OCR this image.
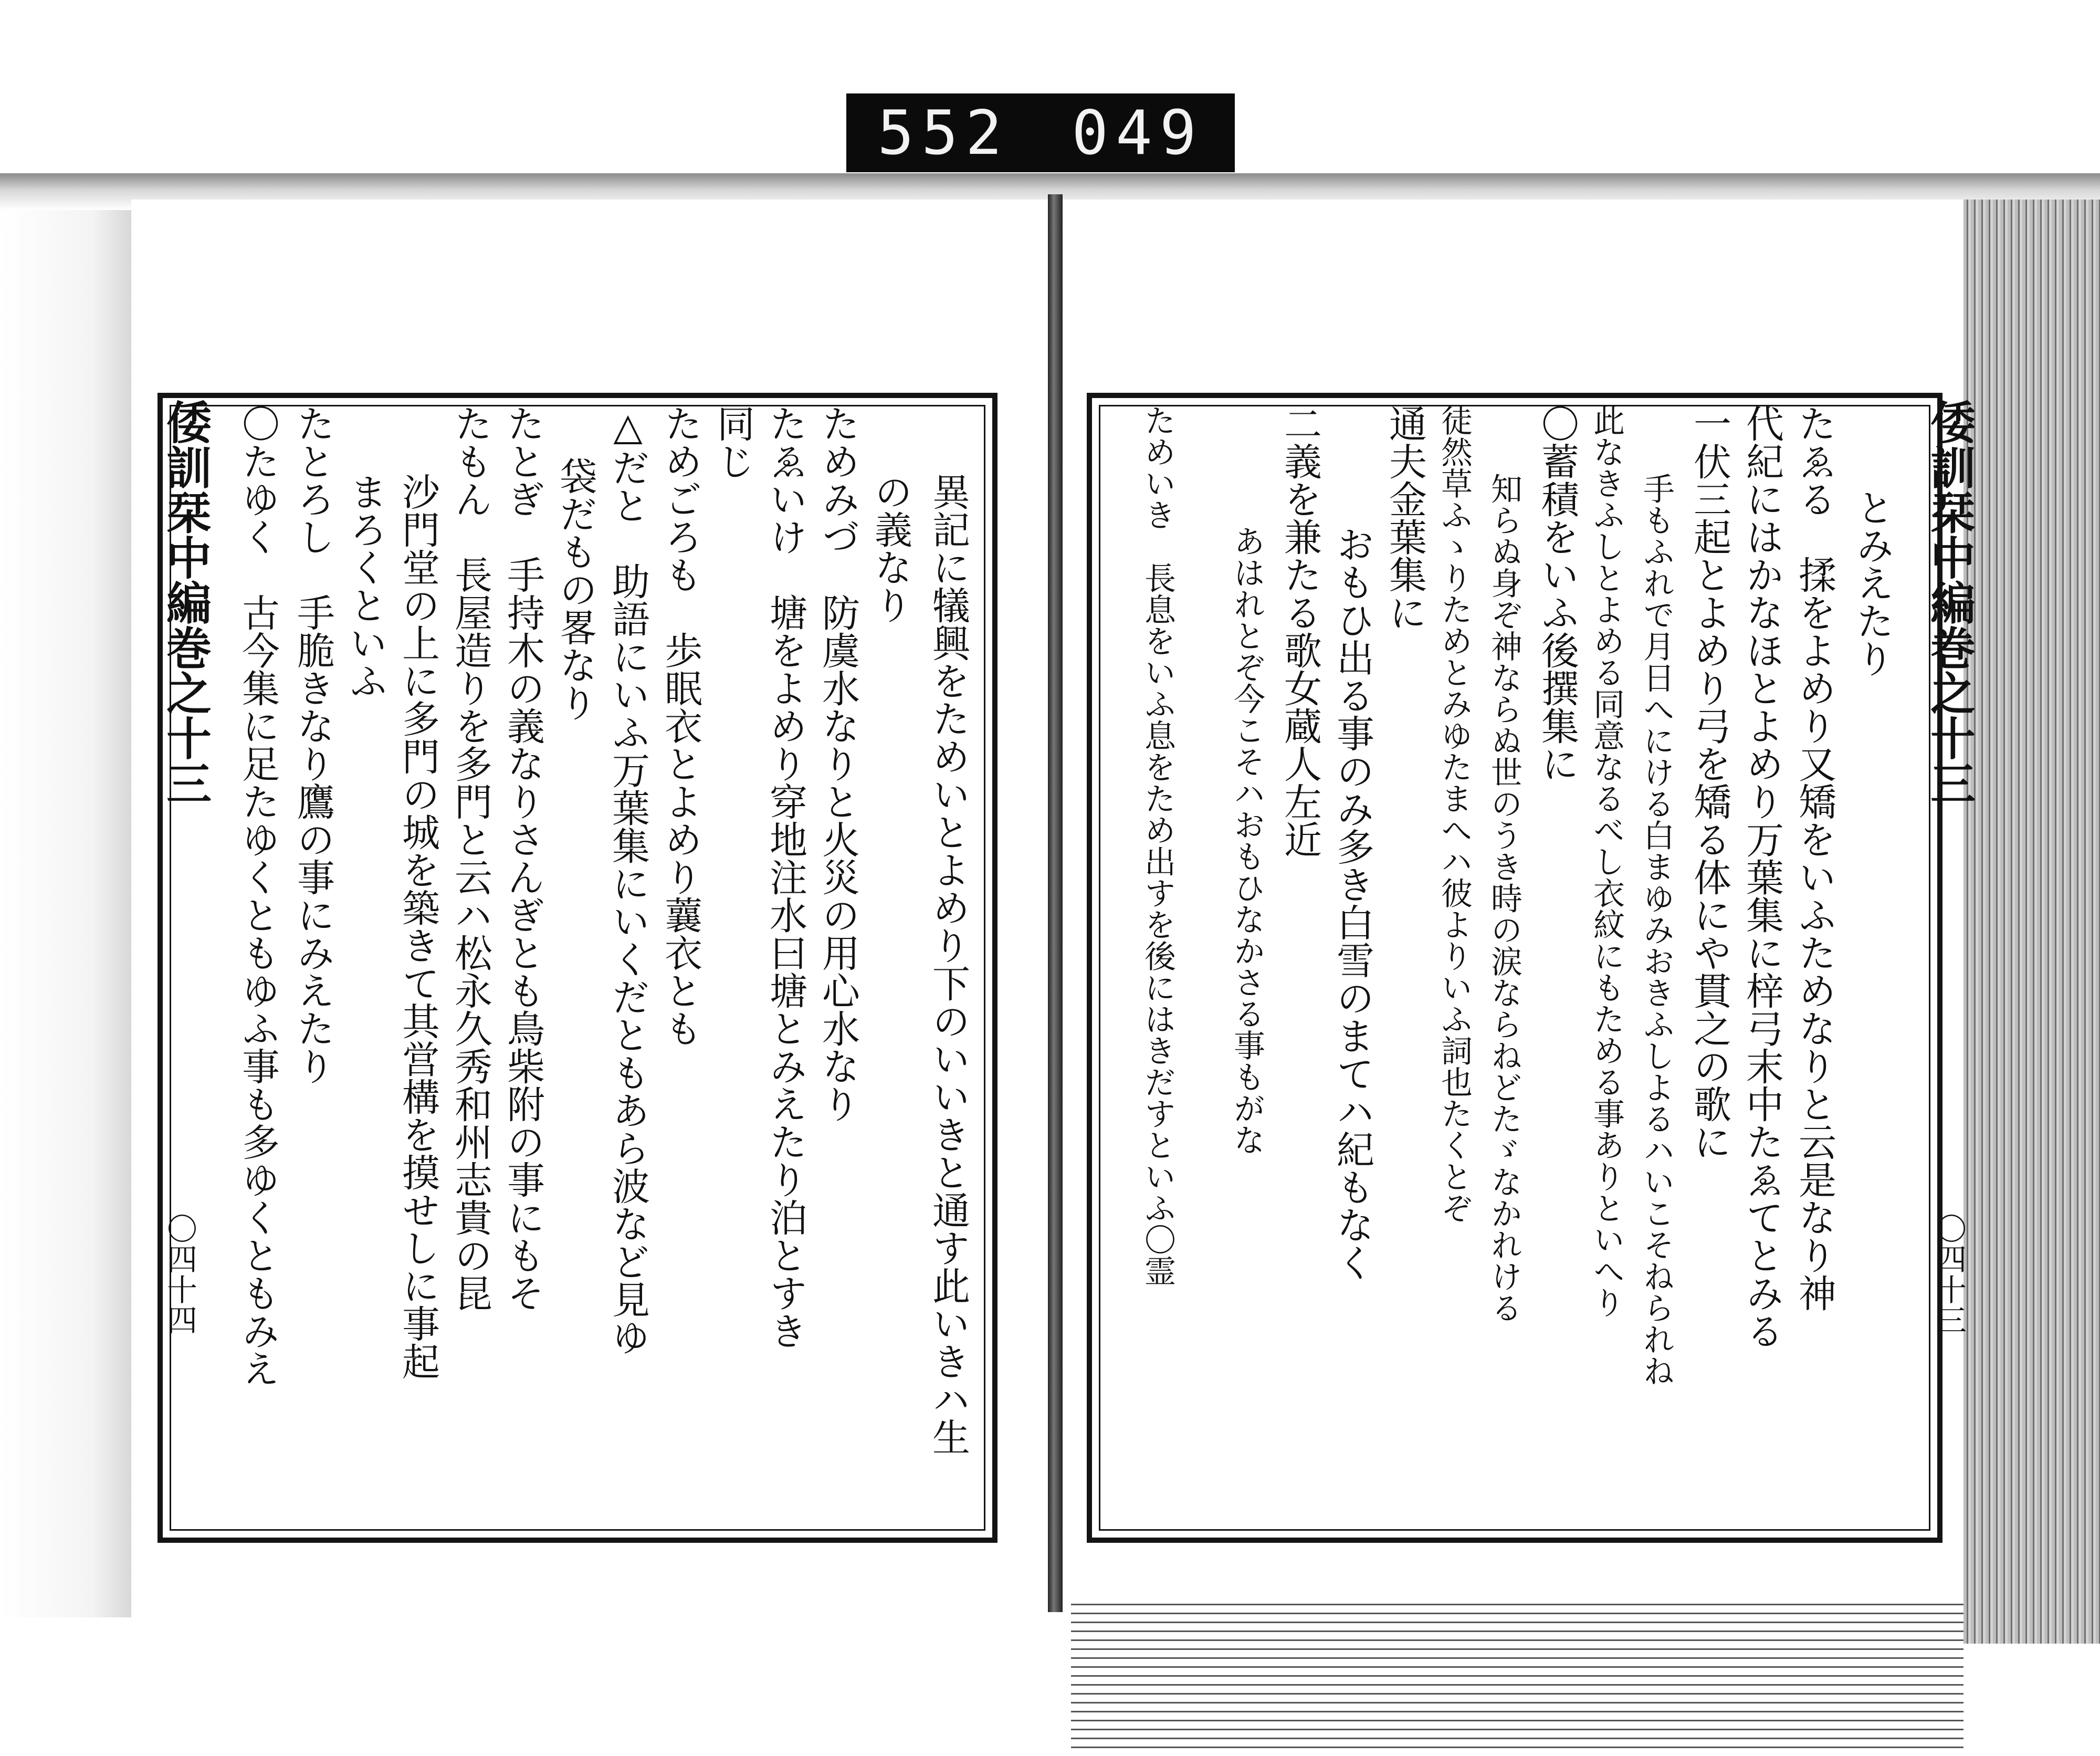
552 049
倭訓栞中編巻之十三
〇四十四	異記に犠興をためいとよめり下のいいきと通す此いきハ生
の義なり
ためみづ　防虞水なりと火災の用心水なり
たゑいけ　塘をよめり穿地注水曰塘とみえたり泊とすき
同じ
ためごろも　歩眠衣とよめり蘘衣とも
△だと　助語にいふ万葉集にいくだともあら波など見ゆ
袋だもの畧なり
たとぎ　手持木の義なりさんぎとも鳥柴附の事にもそ
たもん　長屋造りを多門と云ハ松永久秀和州志貴の昆
沙門堂の上に多門の城を築きて其営構を摸せしに事起
まろくといふ
たとろし　手脆きなり鷹の事にみえたり
〇たゆく　古今集に足たゆくともゆふ事も多ゆくともみえ	倭訓栞中編巻之十三
〇四十三
とみえたり
たゑる　揉をよめり又矯をいふためなりと云是なり神
代紀にはかなほとよめり万葉集に梓弓末中たゑてとみる
一伏三起とよめり弓を矯る体にや貫之の歌に
手もふれで月日へにける白まゆみおきふしよるハいこそねられね
此なきふしとよめる同意なるべし衣紋にもためる事ありといへり
〇蓄積をいふ後撰集に
知らぬ身ぞ神ならぬ世のうき時の涙ならねどたゞなかれける
徒然草ふゝりためとみゆたまへハ彼よりいふ詞也たくとぞ
通夫金葉集に
おもひ出る事のみ多き白雪のまてハ紀もなく
二義を兼たる歌女蔵人左近
あはれとぞ今こそハおもひなかさる事もがな
ためいき　長息をいふ息をため出すを後にはきだすといふ〇霊
